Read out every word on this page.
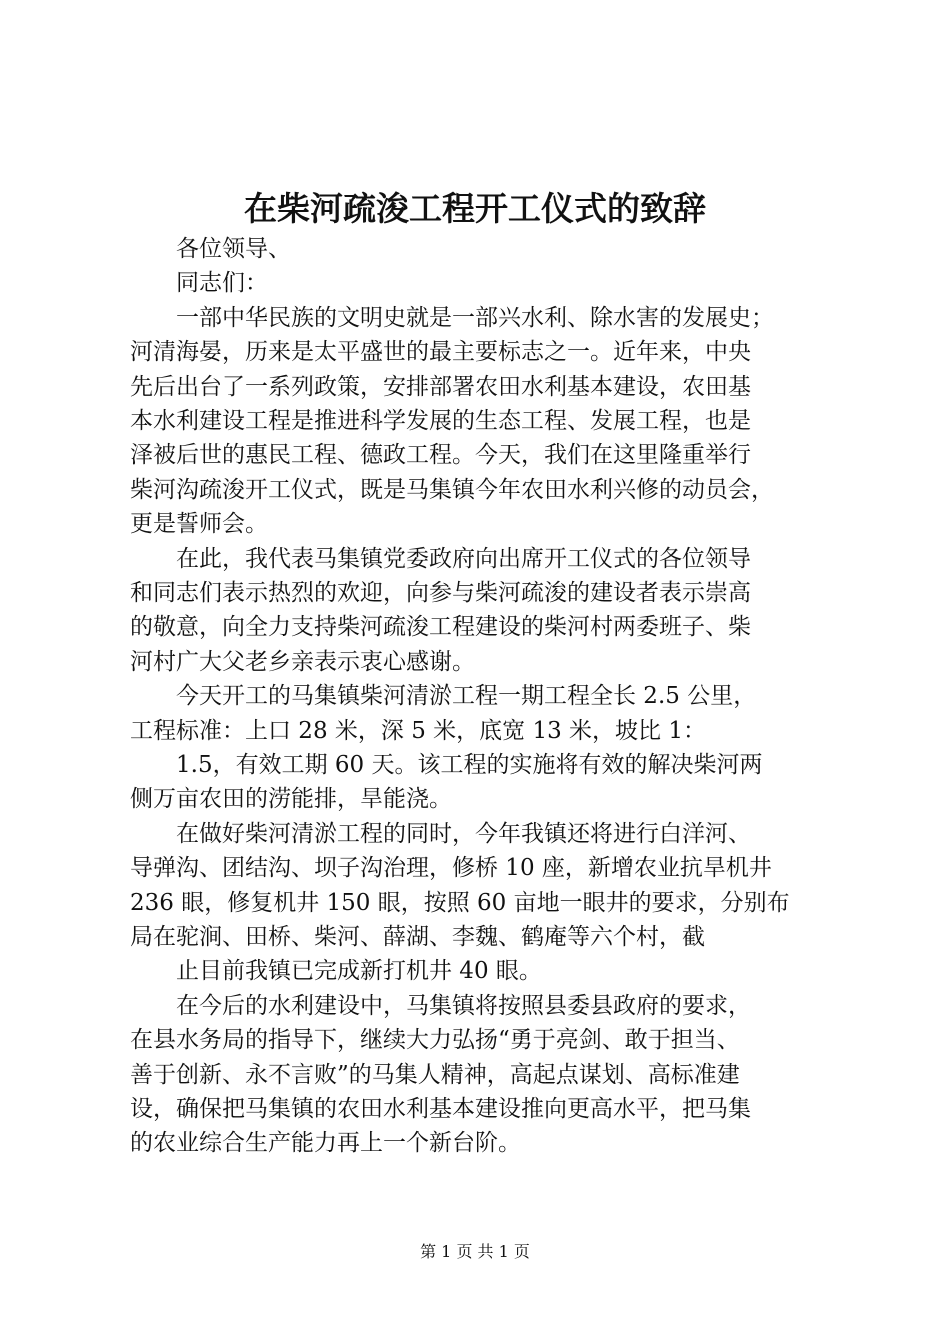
在柴河疏浚工程开工仪式的致辞
　　各位领导、
　　同志们：
　　一部中华民族的文明史就是一部兴水利、除水害的发展史；
河清海晏，历来是太平盛世的最主要标志之一。近年来，中央
先后出台了一系列政策，安排部署农田水利基本建设，农田基
本水利建设工程是推进科学发展的生态工程、发展工程，也是
泽被后世的惠民工程、德政工程。今天，我们在这里隆重举行
柴河沟疏浚开工仪式，既是马集镇今年农田水利兴修的动员会，
更是誓师会。
　　在此，我代表马集镇党委政府向出席开工仪式的各位领导
和同志们表示热烈的欢迎，向参与柴河疏浚的建设者表示崇高
的敬意，向全力支持柴河疏浚工程建设的柴河村两委班子、柴
河村广大父老乡亲表示衷心感谢。
　　今天开工的马集镇柴河清淤工程一期工程全长 2.5 公里，
工程标准：上口 28 米，深 5 米，底宽 13 米，坡比 1：
　　1.5，有效工期 60 天。该工程的实施将有效的解决柴河两
侧万亩农田的涝能排，旱能浇。
　　在做好柴河清淤工程的同时，今年我镇还将进行白洋河、
导弹沟、团结沟、坝子沟治理，修桥 10 座，新增农业抗旱机井
236 眼，修复机井 150 眼，按照 60 亩地一眼井的要求，分别布
局在驼涧、田桥、柴河、薛湖、李魏、鹤庵等六个村，截
　　止目前我镇已完成新打机井 40 眼。
　　在今后的水利建设中，马集镇将按照县委县政府的要求，
在县水务局的指导下，继续大力弘扬“勇于亮剑、敢于担当、
善于创新、永不言败”的马集人精神，高起点谋划、高标准建
设，确保把马集镇的农田水利基本建设推向更高水平，把马集
的农业综合生产能力再上一个新台阶。
第 1 页 共 1 页
